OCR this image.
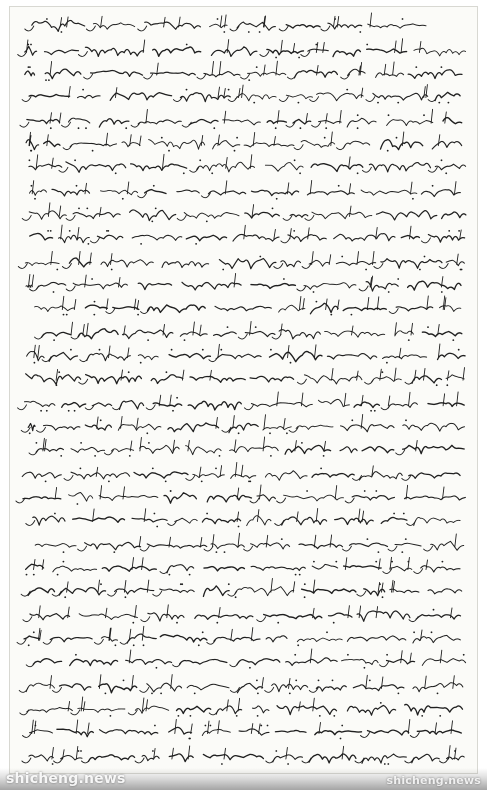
shicheng.news	shicheng.news
